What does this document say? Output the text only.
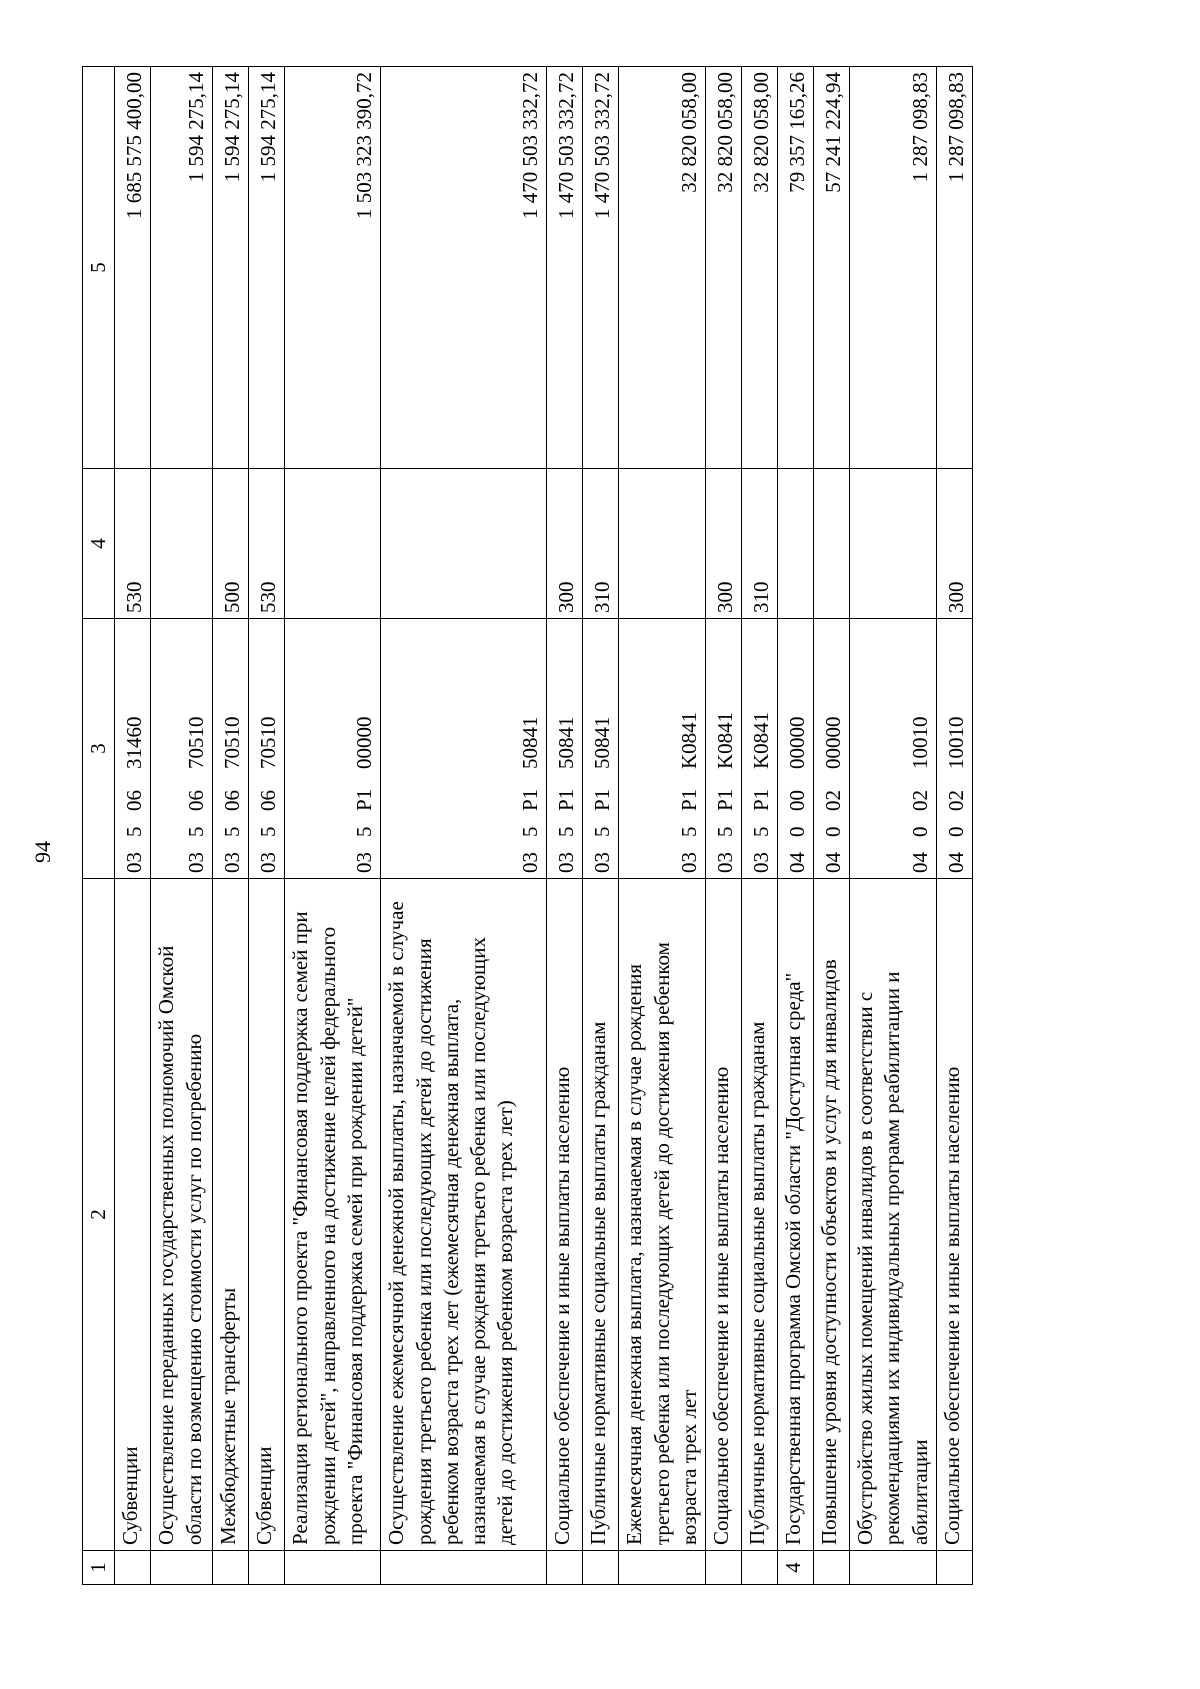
94
1	2	3	4	5
	Субвенции	0350631460	530	1 685 575 400,00
	Осуществление переданных государственных полномочий Омской области по возмещению стоимости услуг по погребению	0350670510		1 594 275,14
	Межбюджетные трансферты	0350670510	500	1 594 275,14
	Субвенции	0350670510	530	1 594 275,14
	Реализация регионального проекта "Финансовая поддержка семей при рождении детей", направленного на достижение целей федерального проекта "Финансовая поддержка семей при рождении детей"	035P100000		1 503 323 390,72
	Осуществление ежемесячной денежной выплаты, назначаемой в случае рождения третьего ребенка или последующих детей до достижения ребенком возраста трех лет (ежемесячная денежная выплата, назначаемая в случае рождения третьего ребенка или последующих детей до достижения ребенком возраста трех лет)	035P150841		1 470 503 332,72
	Социальное обеспечение и иные выплаты населению	035P150841	300	1 470 503 332,72
	Публичные нормативные социальные выплаты гражданам	035P150841	310	1 470 503 332,72
	Ежемесячная денежная выплата, назначаемая в случае рождения третьего ребенка или последующих детей до достижения ребенком возраста трех лет	035P1K0841		32 820 058,00
	Социальное обеспечение и иные выплаты населению	035P1K0841	300	32 820 058,00
	Публичные нормативные социальные выплаты гражданам	035P1K0841	310	32 820 058,00
4	Государственная программа Омской области "Доступная среда"	0400000000		79 357 165,26
	Повышение уровня доступности объектов и услуг для инвалидов	0400200000		57 241 224,94
	Обустройство жилых помещений инвалидов в соответствии с рекомендациями их индивидуальных программ реабилитации и абилитации	0400210010		1 287 098,83
	Социальное обеспечение и иные выплаты населению	0400210010	300	1 287 098,83
